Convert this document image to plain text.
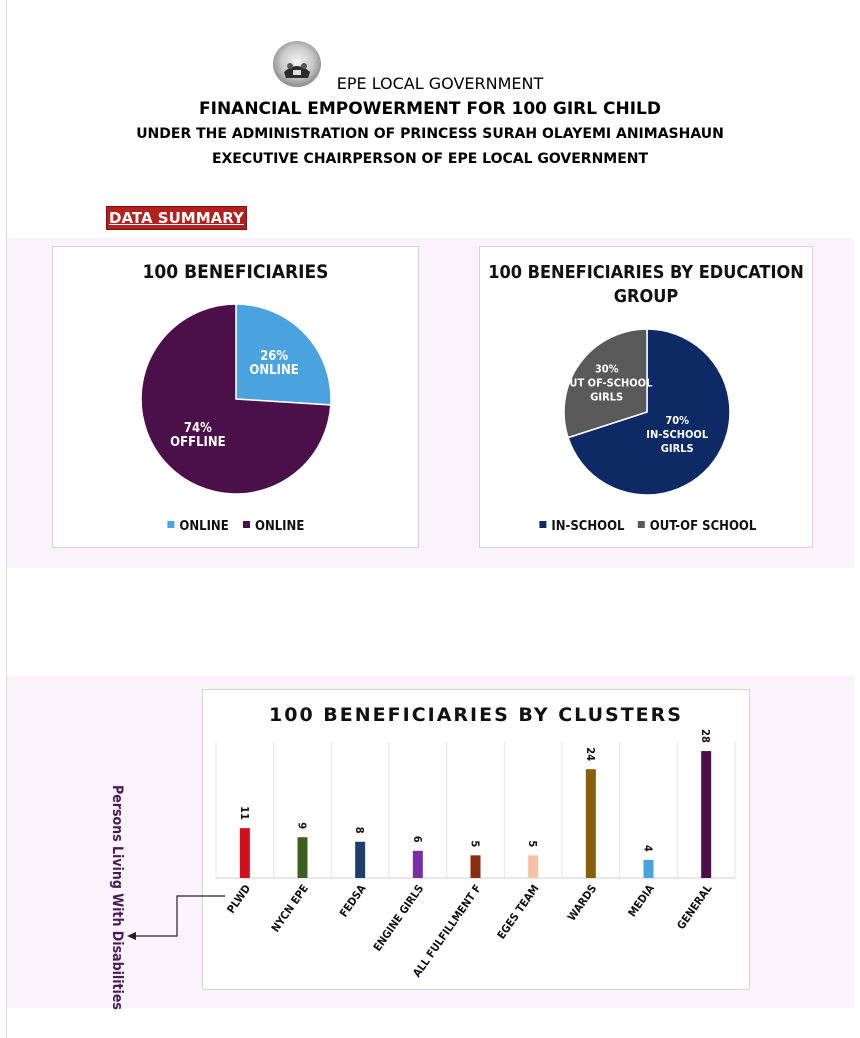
EPE LOCAL GOVERNMENT
FINANCIAL EMPOWERMENT FOR 100 GIRL CHILD
UNDER THE ADMINISTRATION OF PRINCESS SURAH OLAYEMI ANIMASHAUN
EXECUTIVE CHAIRPERSON OF EPE LOCAL GOVERNMENT
DATA SUMMARY
100 BENEFICIARIES
26%
ONLINE
74%
OFFLINE
ONLINE ONLINE
100 BENEFICIARIES BY EDUCATION
GROUP
70%
IN-SCHOOL
GIRLS
30%
OUT OF-SCHOOL
GIRLS
IN-SCHOOL OUT-OF SCHOOL
100 BENEFICIARIES BY CLUSTERS
11
PLWD
9
NYCN EPE
8
FEDSA
6
ENGINE GIRLS
5
ALL FULFILLMENT F
5
EGES TEAM
24
WARDS
4
MEDIA
28
GENERAL
Persons Living With Disabilities
